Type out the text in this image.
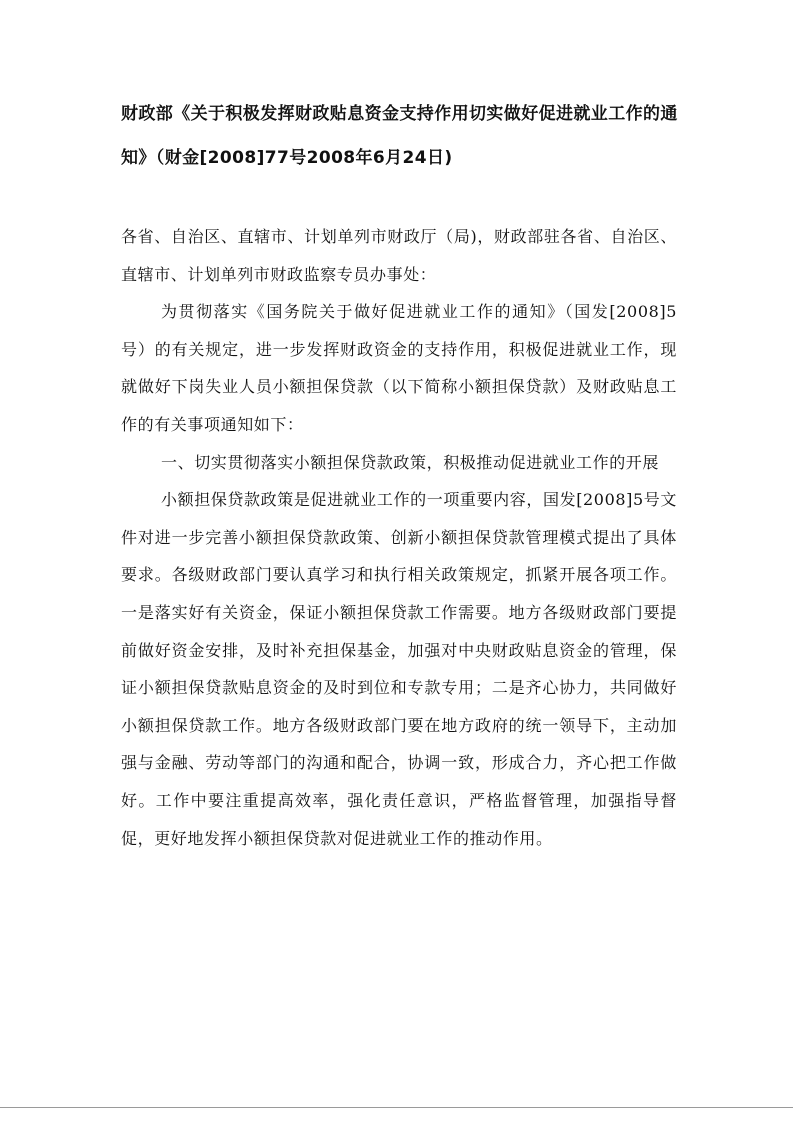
财政部《关于积极发挥财政贴息资金支持作用切实做好促进就业工作的通知》（财金[2008]77号2008年6月24日)

各省、自治区、直辖市、计划单列市财政厅（局)，财政部驻各省、自治区、直辖市、计划单列市财政监察专员办事处：

为贯彻落实《国务院关于做好促进就业工作的通知》（国发[2008]5号）的有关规定，进一步发挥财政资金的支持作用，积极促进就业工作，现就做好下岗失业人员小额担保贷款（以下简称小额担保贷款）及财政贴息工作的有关事项通知如下：

一、切实贯彻落实小额担保贷款政策，积极推动促进就业工作的开展

小额担保贷款政策是促进就业工作的一项重要内容，国发[2008]5号文件对进一步完善小额担保贷款政策、创新小额担保贷款管理模式提出了具体要求。各级财政部门要认真学习和执行相关政策规定，抓紧开展各项工作。一是落实好有关资金，保证小额担保贷款工作需要。地方各级财政部门要提前做好资金安排，及时补充担保基金，加强对中央财政贴息资金的管理，保证小额担保贷款贴息资金的及时到位和专款专用；二是齐心协力，共同做好小额担保贷款工作。地方各级财政部门要在地方政府的统一领导下，主动加强与金融、劳动等部门的沟通和配合，协调一致，形成合力，齐心把工作做好。工作中要注重提高效率，强化责任意识，严格监督管理，加强指导督促，更好地发挥小额担保贷款对促进就业工作的推动作用。
